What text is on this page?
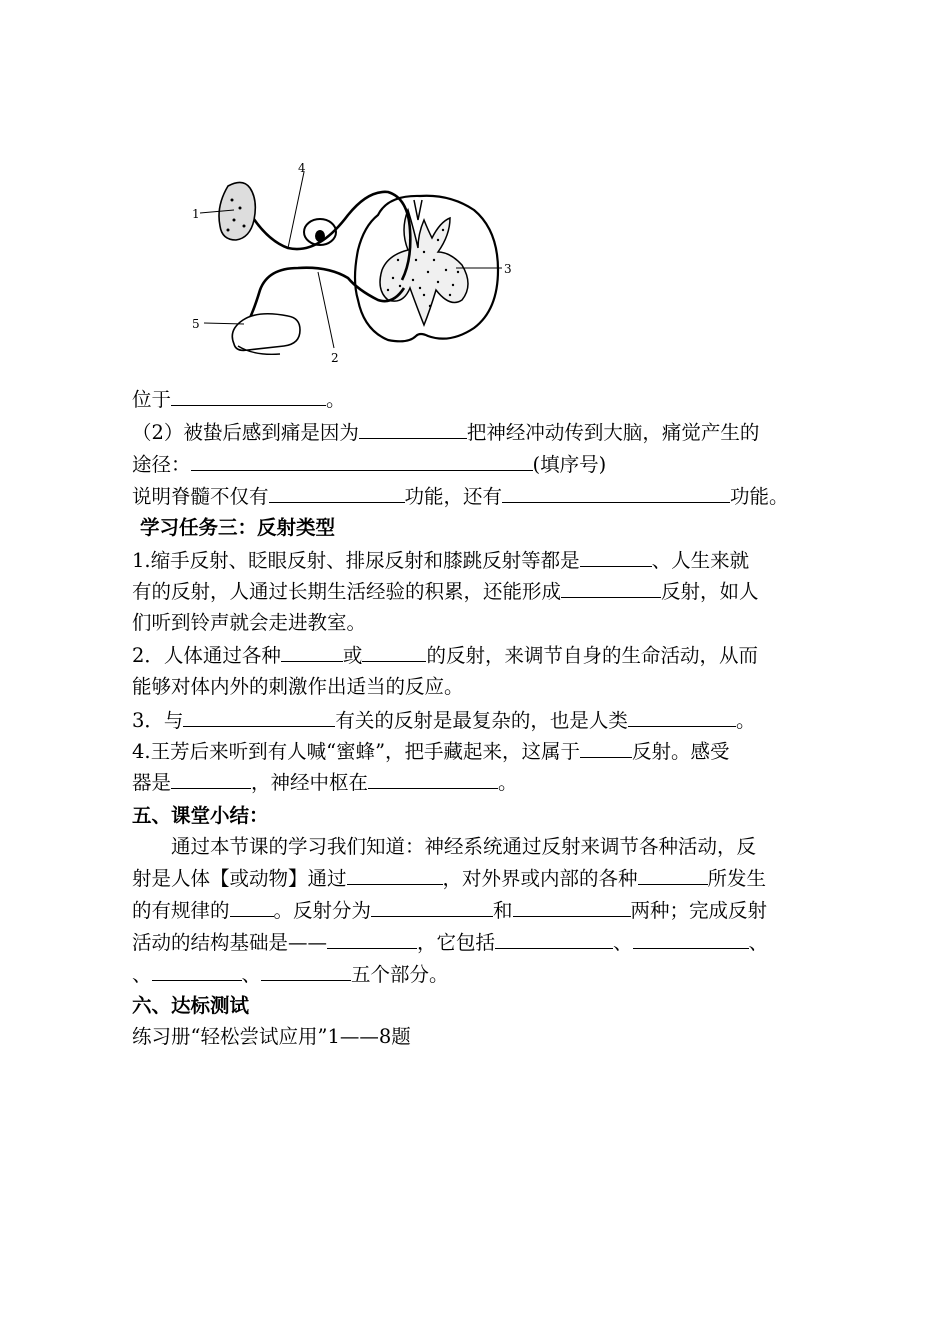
1
2
3
4
5
位于	。
（2）被蛰后感到痛是因为	把神经冲动传到大脑，痛觉产生的
途径：	(填序号)
说明脊髓不仅有	功能，还有	功能。
学习任务三：反射类型
1.缩手反射、眨眼反射、排尿反射和膝跳反射等都是	、人生来就
有的反射，人通过长期生活经验的积累，还能形成	反射，如人
们听到铃声就会走进教室。
2．人体通过各种	或	的反射，来调节自身的生命活动，从而
能够对体内外的刺激作出适当的反应。
3．与	有关的反射是最复杂的，也是人类	。
4.王芳后来听到有人喊“蜜蜂”，把手藏起来，这属于	反射。感受
器是	，神经中枢在	。
五、课堂小结：
通过本节课的学习我们知道：神经系统通过反射来调节各种活动，反
射是人体【或动物】通过	，对外界或内部的各种	所发生
的有规律的 。反射分为	和	两种；完成反射
活动的结构基础是——	，它包括	、	、
、	、	五个部分。
六、达标测试
练习册“轻松尝试应用”1——8题
